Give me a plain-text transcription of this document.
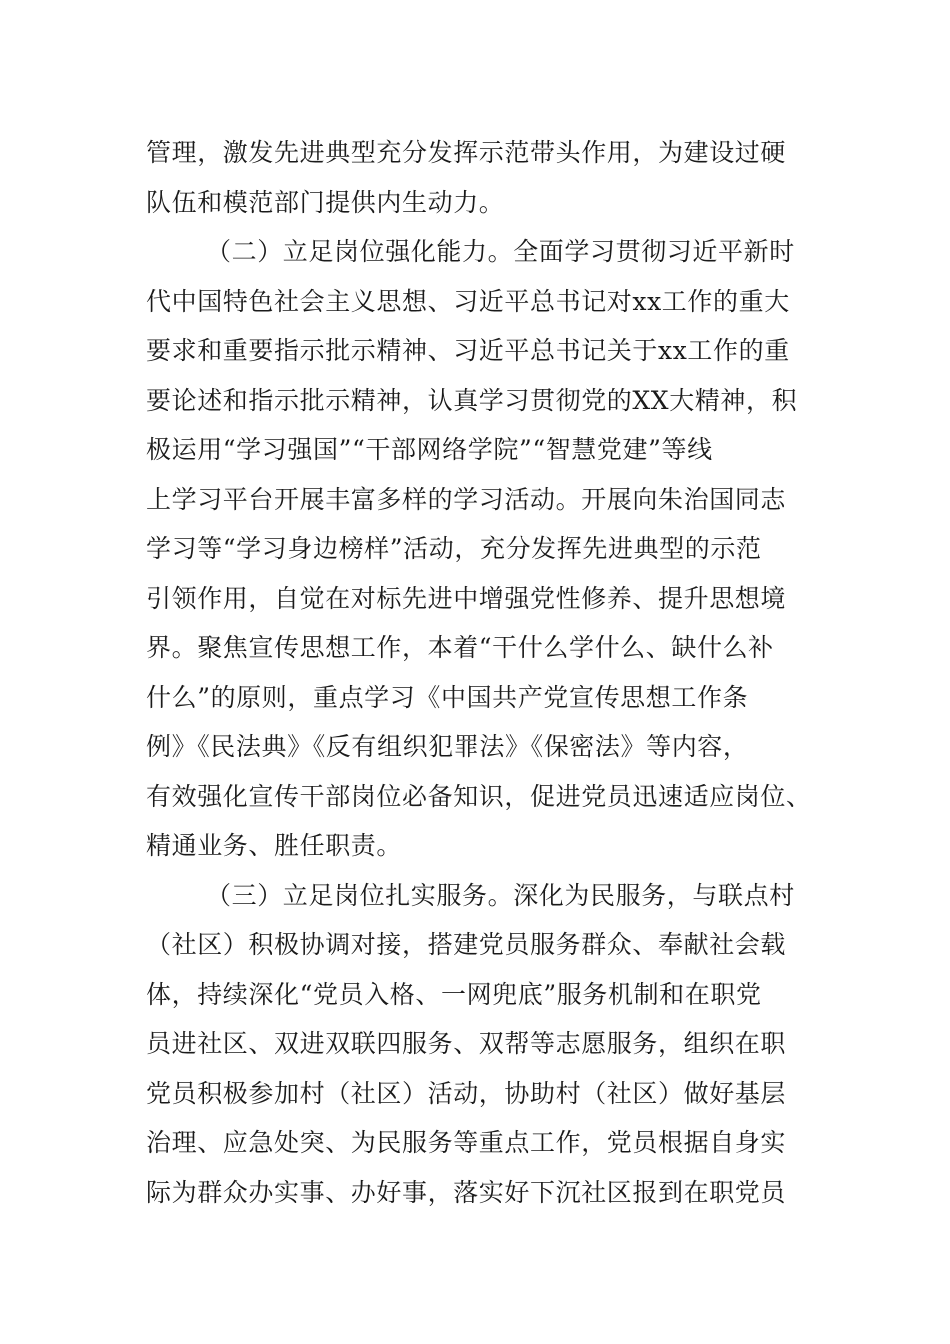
管理，激发先进典型充分发挥示范带头作用，为建设过硬
队伍和模范部门提供内生动力。
（二）立足岗位强化能力。全面学习贯彻习近平新时
代中国特色社会主义思想、习近平总书记对xx工作的重大
要求和重要指示批示精神、习近平总书记关于xx工作的重
要论述和指示批示精神，认真学习贯彻党的XX大精神，积
极运用“学习强国”“干部网络学院”“智慧党建”等线
上学习平台开展丰富多样的学习活动。开展向朱治国同志
学习等“学习身边榜样”活动，充分发挥先进典型的示范
引领作用，自觉在对标先进中增强党性修养、提升思想境
界。聚焦宣传思想工作，本着“干什么学什么、缺什么补
什么”的原则，重点学习《中国共产党宣传思想工作条
例》《民法典》《反有组织犯罪法》《保密法》等内容，
有效强化宣传干部岗位必备知识，促进党员迅速适应岗位、
精通业务、胜任职责。
（三）立足岗位扎实服务。深化为民服务，与联点村
（社区）积极协调对接，搭建党员服务群众、奉献社会载
体，持续深化“党员入格、一网兜底”服务机制和在职党
员进社区、双进双联四服务、双帮等志愿服务，组织在职
党员积极参加村（社区）活动，协助村（社区）做好基层
治理、应急处突、为民服务等重点工作，党员根据自身实
际为群众办实事、办好事，落实好下沉社区报到在职党员
